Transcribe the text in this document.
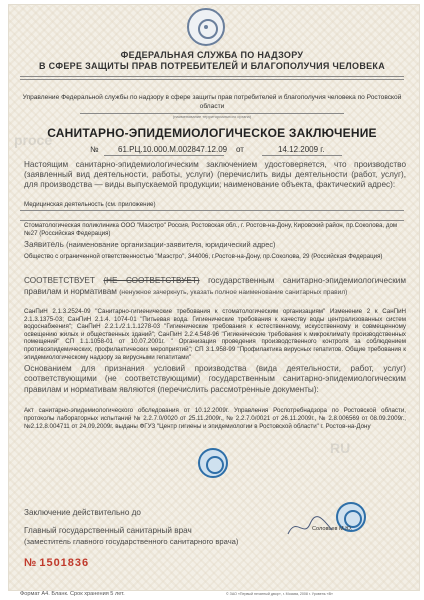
proce
RU
ФЕДЕРАЛЬНАЯ СЛУЖБА ПО НАДЗОРУ
В СФЕРЕ ЗАЩИТЫ ПРАВ ПОТРЕБИТЕЛЕЙ И БЛАГОПОЛУЧИЯ ЧЕЛОВЕКА
Управление Федеральной службы по надзору в сфере защиты прав потребителей и благополучия человека по Ростовской области
(наименование территориального органа)
САНИТАРНО-ЭПИДЕМИОЛОГИЧЕСКОЕ ЗАКЛЮЧЕНИЕ
№ 61.РЦ.10.000.М.002847.12.09 от	14.12.2009 г.
Настоящим санитарно-эпидемиологическим заключением удостоверяется, что производство (заявленный вид деятельности, работы, услуги) (перечислить виды деятельности (работ, услуг), для производства — виды выпускаемой продукции; наименование объекта, фактический адрес):
Медицинская деятельность (см. приложение)
Стоматологическая поликлиника ООО "Маэстро" Россия, Ростовская обл., г. Ростов-на-Дону, Кировский район, пр.Соколова, дом №27 (Российская Федерация)
Заявитель (наименование организации-заявителя, юридический адрес)
Общество с ограниченной ответственностью "Маэстро", 344006, г.Ростов-на-Дону, пр.Соколова, 29 (Российская Федерация)
СООТВЕТСТВУЕТ (НЕ СООТВЕТСТВУЕТ) государственным санитарно-эпидемиологическим правилам и нормативам (ненужное зачеркнуть, указать полное наименование санитарных правил)
СанПиН 2.1.3.2524-09 "Санитарно-гигиенические требования к стоматологическим организациям" Изменение 2 к СанПиН 2.1.3.1375-03; СанПиН 2.1.4. 1074-01 "Питьевая вода. Гигиенические требования к качеству воды централизованных систем водоснабжения"; СанПиН 2.2.1./2.1.1.1278-03 "Гигиенические требования к естественному, искусственному и совмещенному освещению жилых и общественных зданий"; СанПиН 2.2.4.548-96 "Гигиенические требования к микроклимату производственных помещений" СП 1.1.1058-01 от 10.07.2001г. " Организация проведения производственного контроля за соблюдением противоэпидемических, профилактических мероприятий"; СП 3.1.958-99 "Профилактика вирусных гепатитов. Общие требования к эпидемиологическому надзору за вирусными гепатитами"
Основанием для признания условий производства (вида деятельности, работ, услуг) соответствующими (не соответствующими) государственным санитарно-эпидемиологическим правилам и нормативам являются (перечислить рассмотренные документы):
Акт санитарно-эпидемиологического обследования от 10.12.2009г. Управления Роспотребнадзора по Ростовской области, протоколы лабораторных испытаний № 2.2.7.0/0020 от 25.11.2009г., № 2.2.7.0/0021 от 26.11.2009г., № 2.8.006569 от 08.09.2009г., №2.12.8.004711 от 24.09.2009г. выданы ФГУЗ "Центр гигиены и эпидемиологии в Ростовской области" г. Ростов-на-Дону
Заключение действительно до
Главный государственный санитарный врач
(заместитель главного государственного санитарного врача)
Соловьев М.Ю.
№ 1501836
Формат А4. Бланк. Срок хранения 5 лет.	© ЗАО «Первый печатный двор», г. Москва, 2008 г. Уровень «В»
